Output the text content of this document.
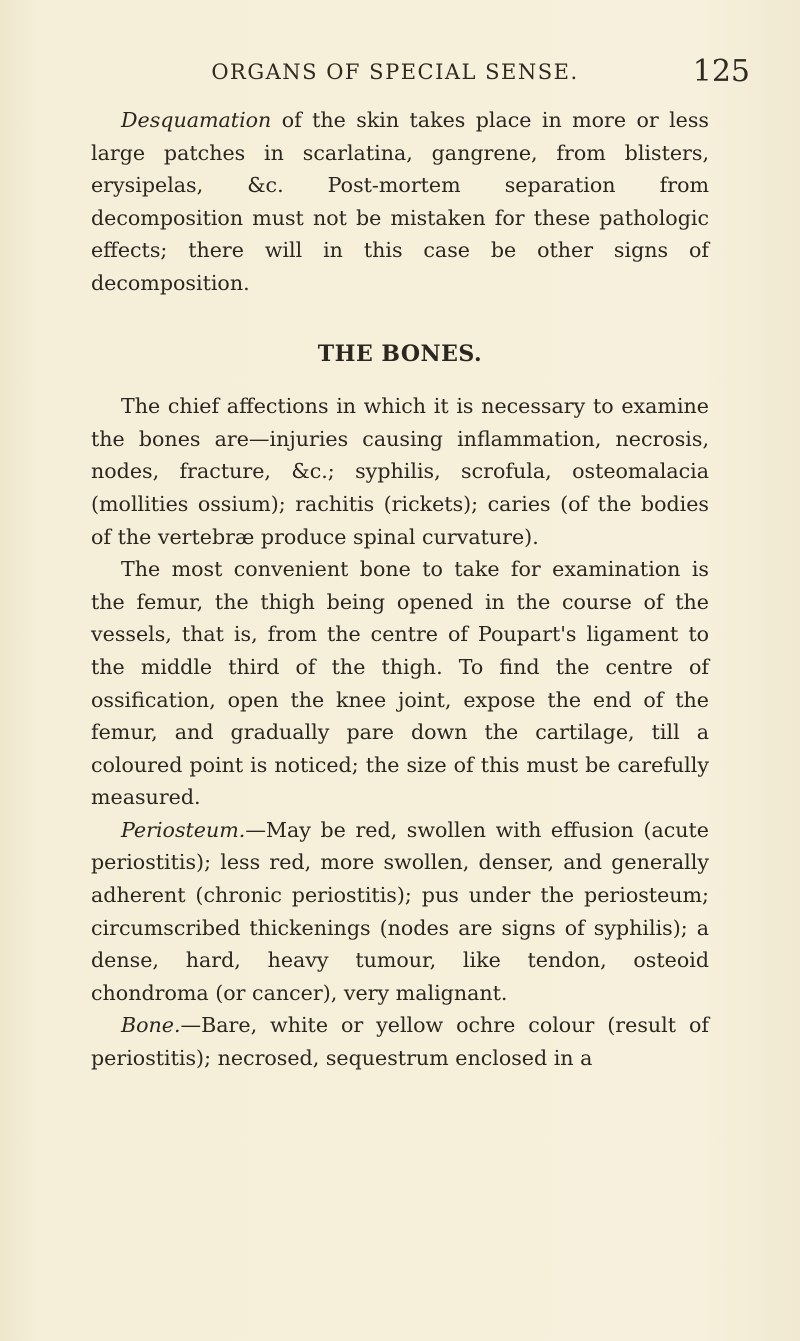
ORGANS OF SPECIAL SENSE.	125

Desquamation of the skin takes place in more or less large patches in scarlatina, gangrene, from blisters, erysipelas, &c. Post-mortem separation from decomposition must not be mistaken for these pathologic effects; there will in this case be other signs of decomposition.

THE BONES.

The chief affections in which it is necessary to examine the bones are—injuries causing inflammation, necrosis, nodes, fracture, &c.; syphilis, scrofula, osteomalacia (mollities ossium); rachitis (rickets); caries (of the bodies of the vertebræ produce spinal curvature).

The most convenient bone to take for examination is the femur, the thigh being opened in the course of the vessels, that is, from the centre of Poupart's ligament to the middle third of the thigh. To find the centre of ossification, open the knee joint, expose the end of the femur, and gradually pare down the cartilage, till a coloured point is noticed; the size of this must be carefully measured.

Periosteum.—May be red, swollen with effusion (acute periostitis); less red, more swollen, denser, and generally adherent (chronic periostitis); pus under the periosteum; circumscribed thickenings (nodes are signs of syphilis); a dense, hard, heavy tumour, like tendon, osteoid chondroma (or cancer), very malignant.

Bone.—Bare, white or yellow ochre colour (result of periostitis); necrosed, sequestrum enclosed in a
